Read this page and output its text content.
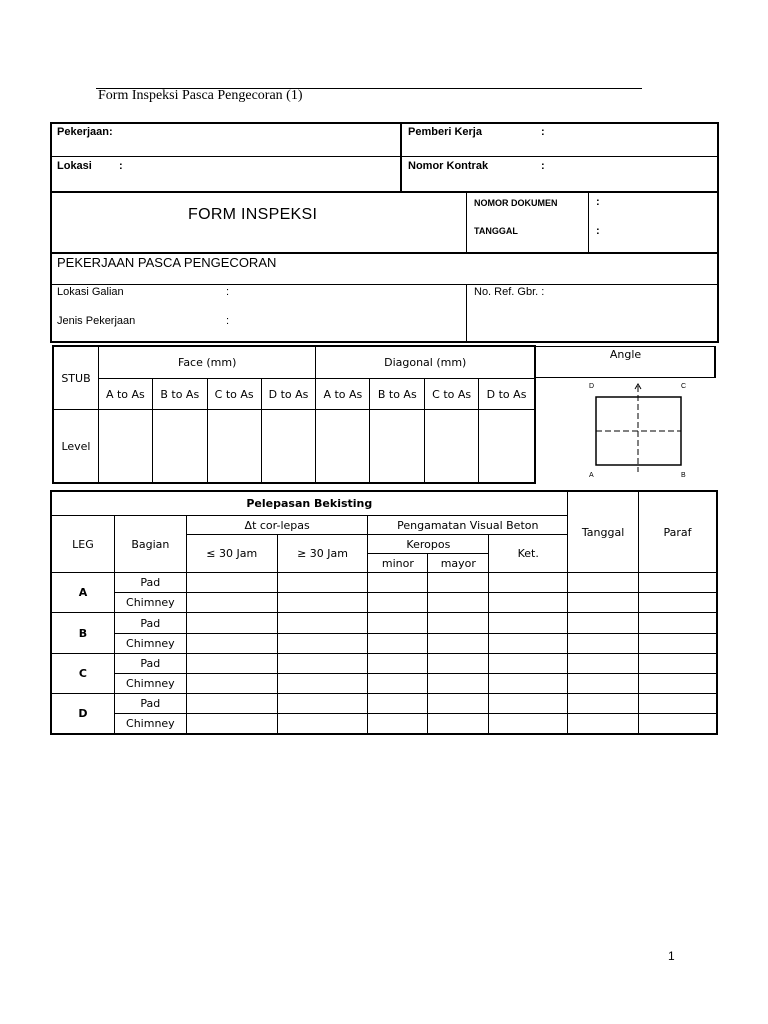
Form Inspeksi Pasca Pengecoran (1)
Pekerjaan:	Pemberi Kerja	:
Lokasi :	Nomor Kontrak	:
FORM INSPEKSI
NOMOR DOKUMEN	:
TANGGAL	:
PEKERJAAN PASCA PENGECORAN
Lokasi Galian	:
Jenis Pekerjaan	:
No. Ref. Gbr. :
STUB	Face (mm)				Diagonal (mm)			
	A to As	B to As	C to As	D to As	A to As	B to As	C to As	D to As
Level								
Angle
D	C
A	B
Pelepasan Bekisting							Tanggal	Paraf
LEG	Bagian	Δt cor-lepas		Pengamatan Visual Beton				
		≤ 30 Jam	≥ 30 Jam	Keropos		Ket.		
				minor	mayor			
A	Pad							
	Chimney							
B	Pad							
	Chimney							
C	Pad							
	Chimney							
D	Pad							
	Chimney							
1
